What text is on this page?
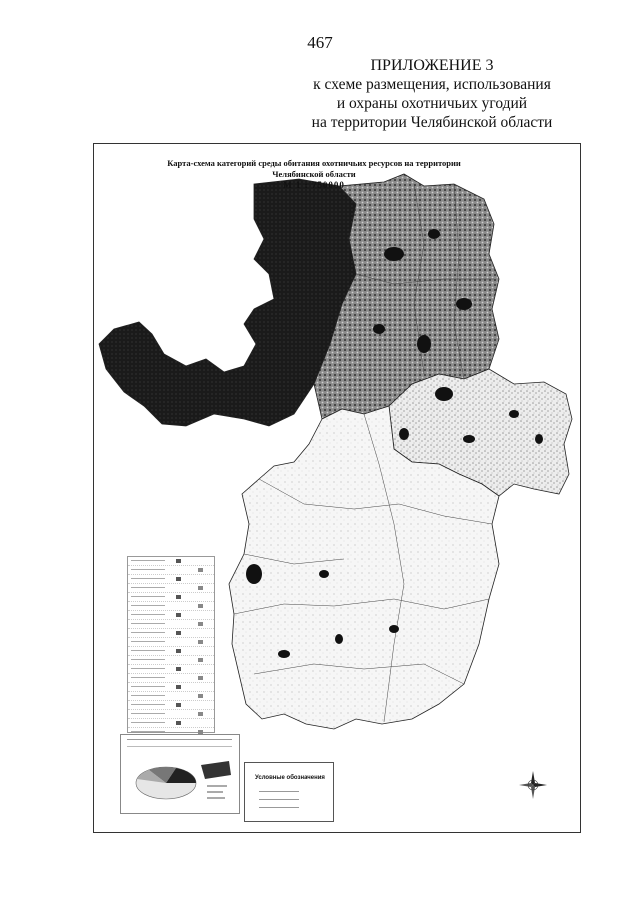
467
ПРИЛОЖЕНИЕ 3
к схеме размещения, использования
и охраны охотничьих угодий
на территории Челябинской области
Карта-схема категорий среды обитания охотничьих ресурсов на территории
Челябинской области
М 1 : 750000
Условные обозначения
